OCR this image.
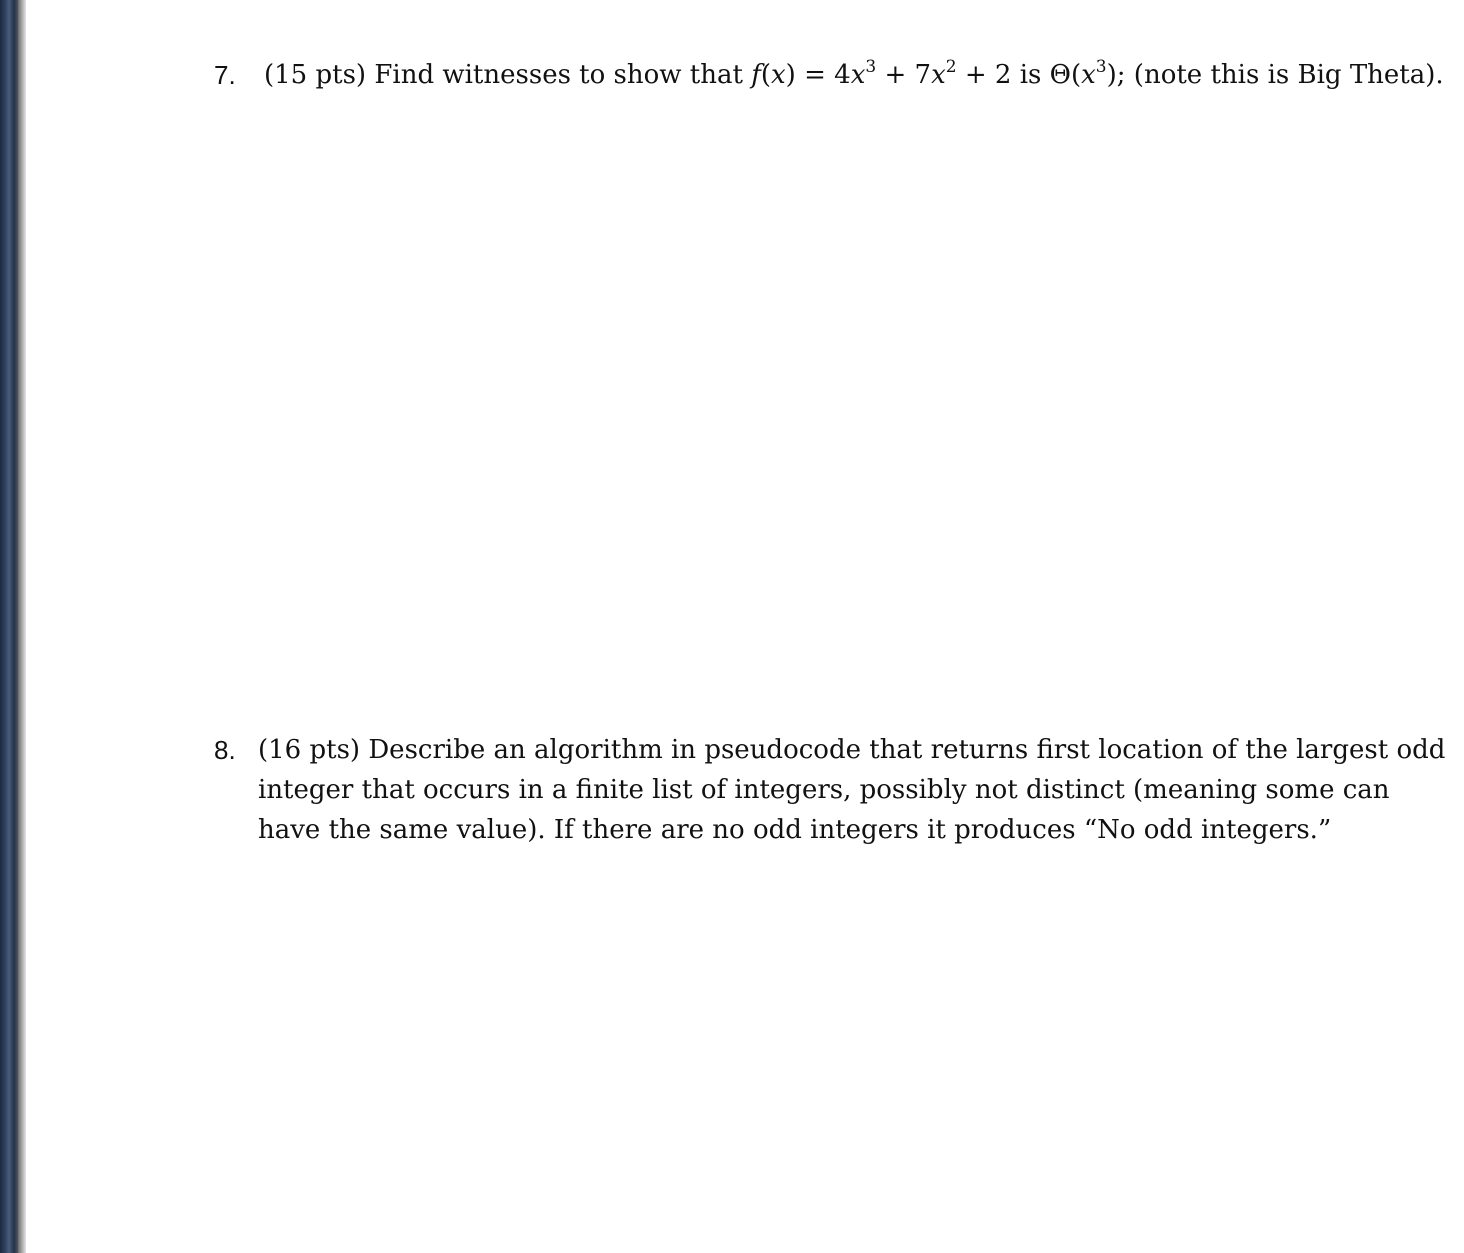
7. (15 pts) Find witnesses to show that $f(x) = 4x^3 + 7x^2 + 2$ is $\Theta(x^3)$; (note this is Big Theta).
8. (16 pts) Describe an algorithm in pseudocode that returns first location of the largest odd integer that occurs in a finite list of integers, possibly not distinct (meaning some can have the same value). If there are no odd integers it produces “No odd integers.”
